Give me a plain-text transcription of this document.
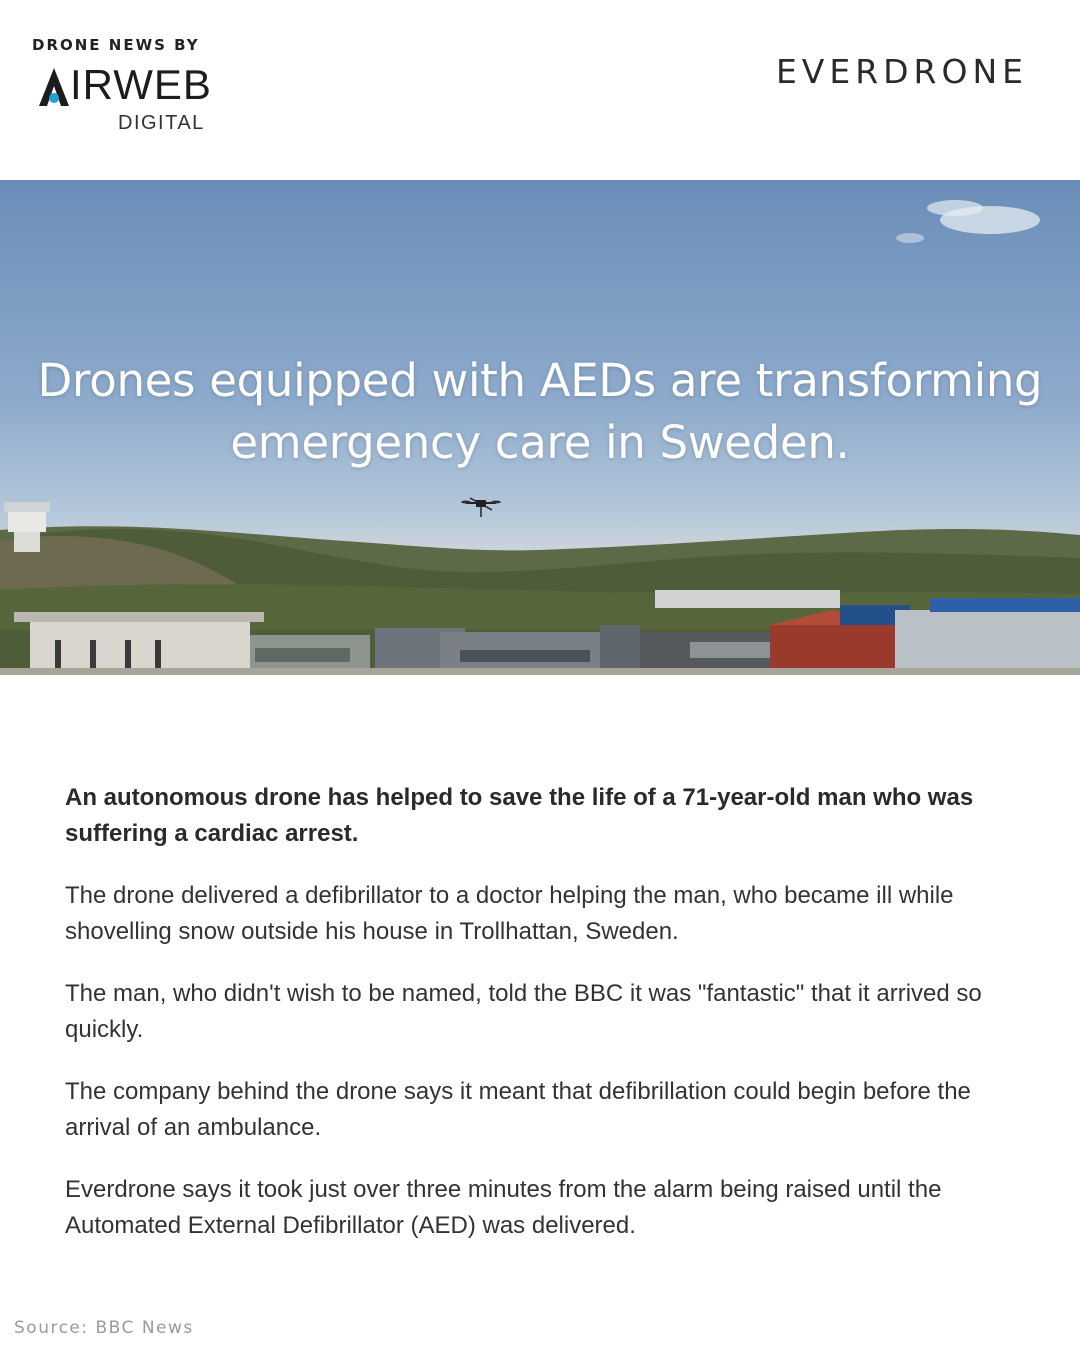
DRONE NEWS BY
IRWEB
DIGITAL
EVERDRONE
Drones equipped with AEDs are transforming
emergency care in Sweden.

An autonomous drone has helped to save the life of a 71-year-old man who was suffering a cardiac arrest.

The drone delivered a defibrillator to a doctor helping the man, who became ill while shovelling snow outside his house in Trollhattan, Sweden.

The man, who didn't wish to be named, told the BBC it was "fantastic" that it arrived so quickly.

The company behind the drone says it meant that defibrillation could begin before the arrival of an ambulance.

Everdrone says it took just over three minutes from the alarm being raised until the Automated External Defibrillator (AED) was delivered.

Source: BBC News
